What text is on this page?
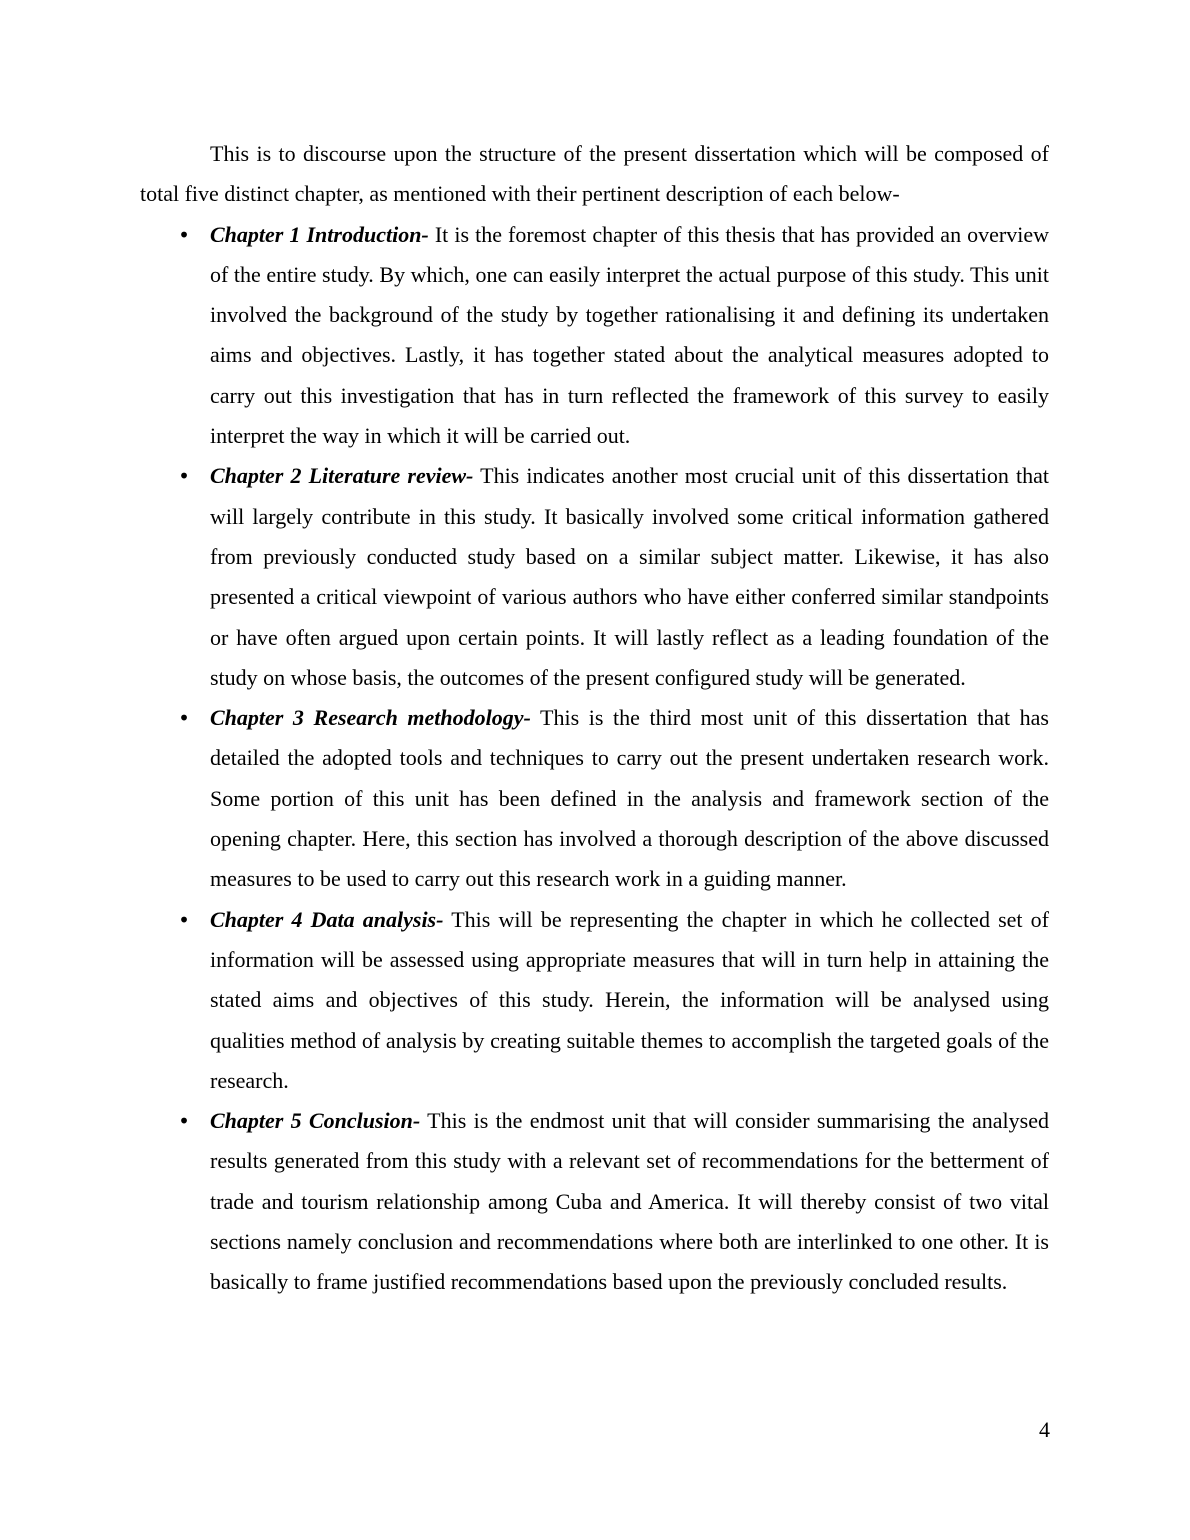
This is to discourse upon the structure of the present dissertation which will be composed of total five distinct chapter, as mentioned with their pertinent description of each below-

• Chapter 1 Introduction- It is the foremost chapter of this thesis that has provided an overview of the entire study. By which, one can easily interpret the actual purpose of this study. This unit involved the background of the study by together rationalising it and defining its undertaken aims and objectives. Lastly, it has together stated about the analytical measures adopted to carry out this investigation that has in turn reflected the framework of this survey to easily interpret the way in which it will be carried out.
• Chapter 2 Literature review- This indicates another most crucial unit of this dissertation that will largely contribute in this study. It basically involved some critical information gathered from previously conducted study based on a similar subject matter. Likewise, it has also presented a critical viewpoint of various authors who have either conferred similar standpoints or have often argued upon certain points. It will lastly reflect as a leading foundation of the study on whose basis, the outcomes of the present configured study will be generated.
• Chapter 3 Research methodology- This is the third most unit of this dissertation that has detailed the adopted tools and techniques to carry out the present undertaken research work. Some portion of this unit has been defined in the analysis and framework section of the opening chapter. Here, this section has involved a thorough description of the above discussed measures to be used to carry out this research work in a guiding manner.
• Chapter 4 Data analysis- This will be representing the chapter in which he collected set of information will be assessed using appropriate measures that will in turn help in attaining the stated aims and objectives of this study. Herein, the information will be analysed using qualities method of analysis by creating suitable themes to accomplish the targeted goals of the research.
• Chapter 5 Conclusion- This is the endmost unit that will consider summarising the analysed results generated from this study with a relevant set of recommendations for the betterment of trade and tourism relationship among Cuba and America. It will thereby consist of two vital sections namely conclusion and recommendations where both are interlinked to one other. It is basically to frame justified recommendations based upon the previously concluded results.
4
